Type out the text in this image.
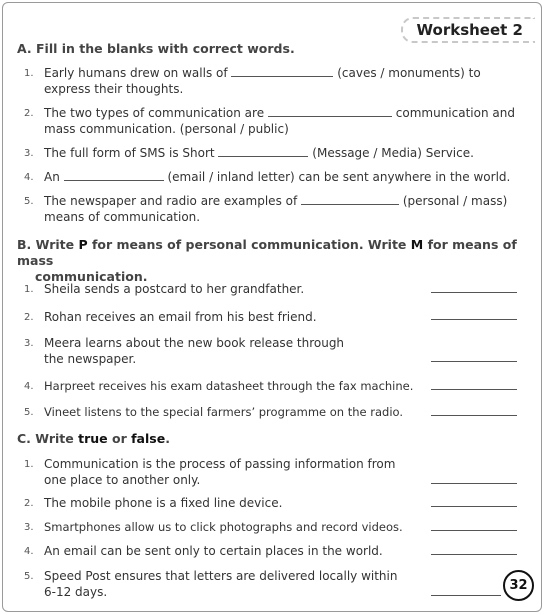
Worksheet 2
A. Fill in the blanks with correct words.
1. Early humans drew on walls of	(caves / monuments) to
express their thoughts.
2. The two types of communication are	communication and
mass communication. (personal / public)
3. The full form of SMS is Short	(Message / Media) Service.
4. An	(email / inland letter) can be sent anywhere in the world.
5. The newspaper and radio are examples of	(personal / mass)
means of communication.
B. Write P for means of personal communication. Write M for means of mass
communication.
1. Sheila sends a postcard to her grandfather.
2. Rohan receives an email from his best friend.
3. Meera learns about the new book release through
the newspaper.
4. Harpreet receives his exam datasheet through the fax machine.
5. Vineet listens to the special farmers’ programme on the radio.
C. Write true or false.
1. Communication is the process of passing information from
one place to another only.
2. The mobile phone is a fixed line device.
3. Smartphones allow us to click photographs and record videos.
4. An email can be sent only to certain places in the world.
5. Speed Post ensures that letters are delivered locally within
6-12 days.	32
